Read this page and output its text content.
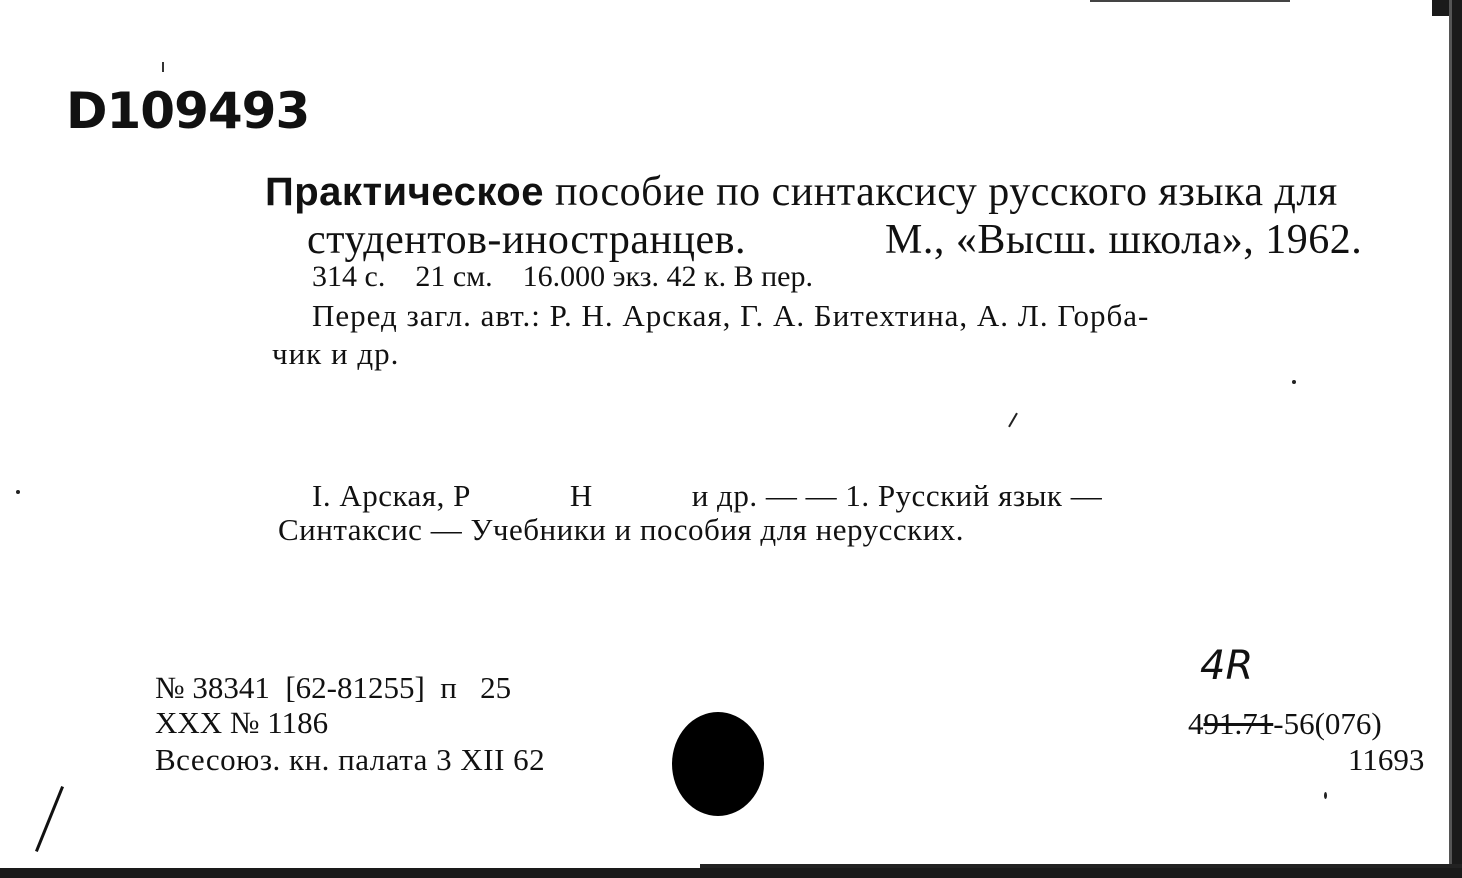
D109493
Практическое пособие по синтаксису русского языка для
студентов-иностранцев.	М., «Высш. школа», 1962.
314 с.    21 см.    16.000 экз. 42 к. В пер.
Перед загл. авт.: Р. Н. Арская, Г. А. Битехтина, А. Л. Горба-
чик и др.
I. Арская, Р            Н            и др. — — 1. Русский язык —
Синтаксис — Учебники и пособия для нерусских.
№ 38341  [62-81255]  п   25
ХХХ № 1186
Всесоюз. кн. палата 3 XII 62
4R
491.71-56(076)
11693
